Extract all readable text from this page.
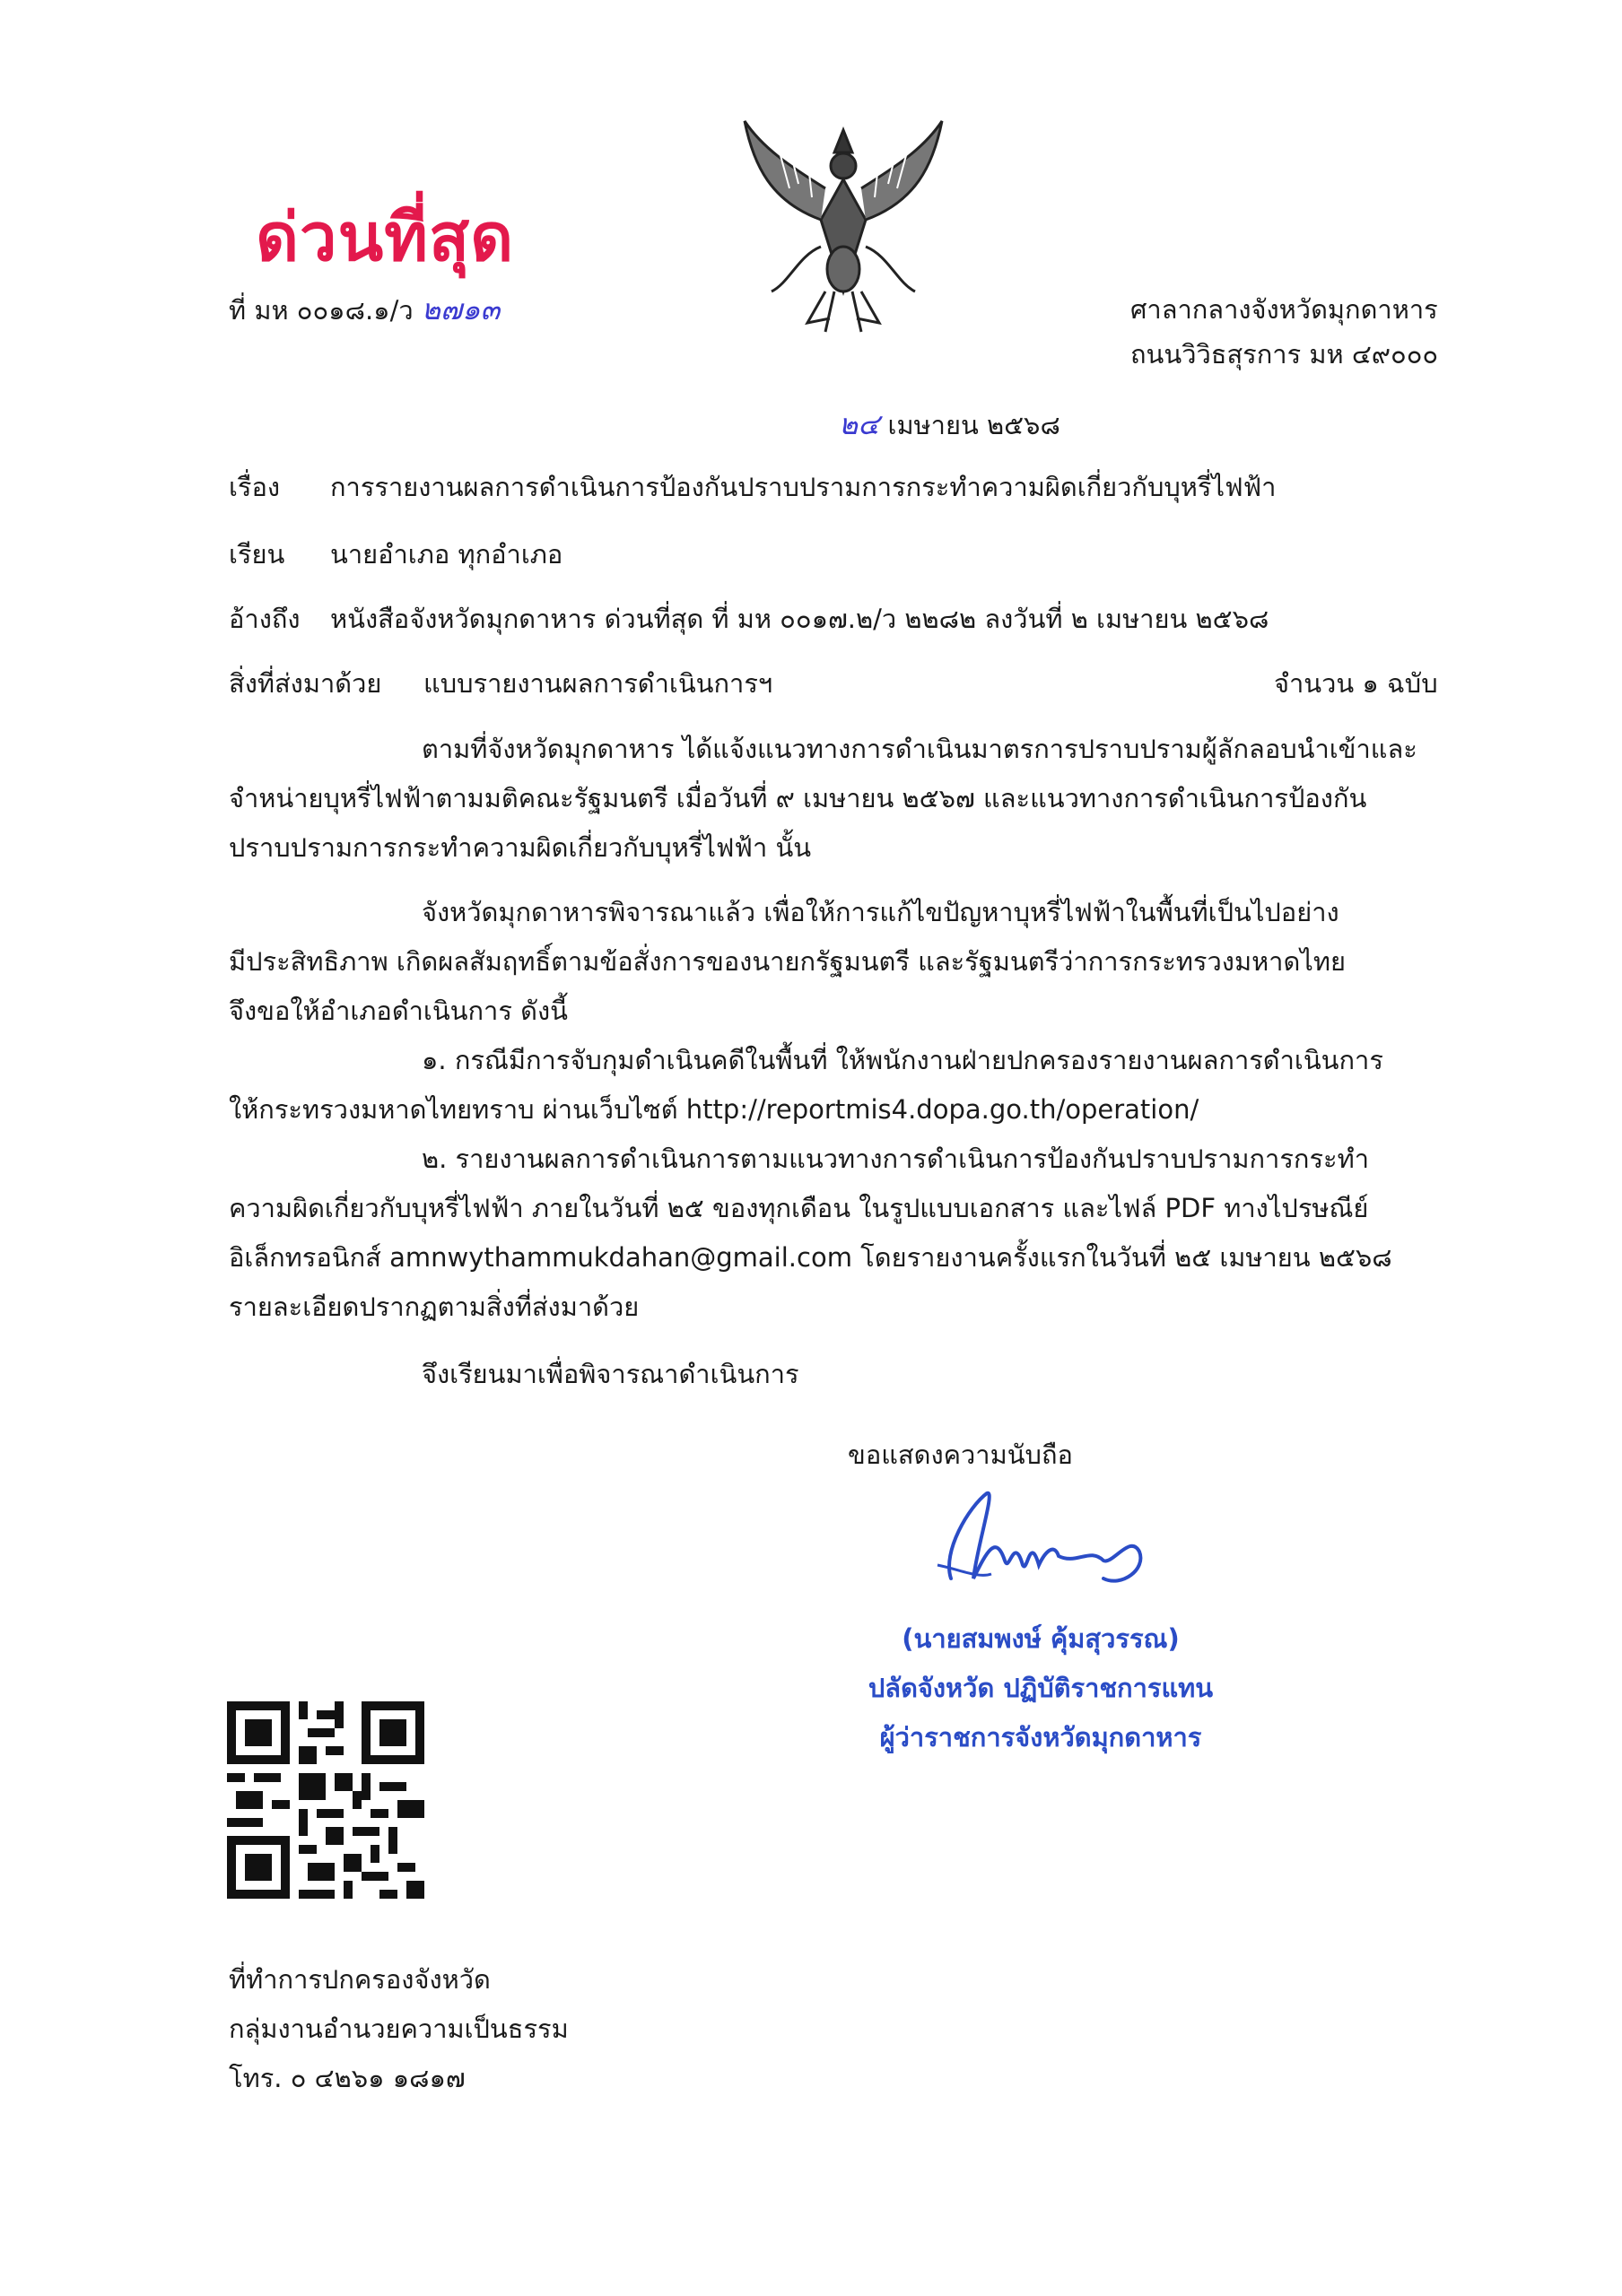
ด่วนที่สุด
ที่ มห ๐๐๑๘.๑/ว ๒๗๑๓	ศาลากลางจังหวัดมุกดาหาร
ถนนวิวิธสุรการ มห ๔๙๐๐๐
๒๔ เมษายน ๒๕๖๘
เรื่อง การรายงานผลการดำเนินการป้องกันปราบปรามการกระทำความผิดเกี่ยวกับบุหรี่ไฟฟ้า
เรียน นายอำเภอ ทุกอำเภอ
อ้างถึง หนังสือจังหวัดมุกดาหาร ด่วนที่สุด ที่ มห ๐๐๑๗.๒/ว ๒๒๘๒ ลงวันที่ ๒ เมษายน ๒๕๖๘
สิ่งที่ส่งมาด้วย แบบรายงานผลการดำเนินการฯ	จำนวน ๑ ฉบับ
ตามที่จังหวัดมุกดาหาร ได้แจ้งแนวทางการดำเนินมาตรการปราบปรามผู้ลักลอบนำเข้าและ
จำหน่ายบุหรี่ไฟฟ้าตามมติคณะรัฐมนตรี เมื่อวันที่ ๙ เมษายน ๒๕๖๗ และแนวทางการดำเนินการป้องกัน
ปราบปรามการกระทำความผิดเกี่ยวกับบุหรี่ไฟฟ้า นั้น
จังหวัดมุกดาหารพิจารณาแล้ว เพื่อให้การแก้ไขปัญหาบุหรี่ไฟฟ้าในพื้นที่เป็นไปอย่าง
มีประสิทธิภาพ เกิดผลสัมฤทธิ์ตามข้อสั่งการของนายกรัฐมนตรี และรัฐมนตรีว่าการกระทรวงมหาดไทย
จึงขอให้อำเภอดำเนินการ ดังนี้
๑. กรณีมีการจับกุมดำเนินคดีในพื้นที่ ให้พนักงานฝ่ายปกครองรายงานผลการดำเนินการ
ให้กระทรวงมหาดไทยทราบ ผ่านเว็บไซต์ http://reportmis4.dopa.go.th/operation/
๒. รายงานผลการดำเนินการตามแนวทางการดำเนินการป้องกันปราบปรามการกระทำ
ความผิดเกี่ยวกับบุหรี่ไฟฟ้า ภายในวันที่ ๒๕ ของทุกเดือน ในรูปแบบเอกสาร และไฟล์ PDF ทางไปรษณีย์
อิเล็กทรอนิกส์ amnwythammukdahan@gmail.com โดยรายงานครั้งแรกในวันที่ ๒๕ เมษายน ๒๕๖๘
รายละเอียดปรากฏตามสิ่งที่ส่งมาด้วย
จึงเรียนมาเพื่อพิจารณาดำเนินการ
ขอแสดงความนับถือ
(นายสมพงษ์ คุ้มสุวรรณ)
ปลัดจังหวัด ปฏิบัติราชการแทน
ผู้ว่าราชการจังหวัดมุกดาหาร
ที่ทำการปกครองจังหวัด
กลุ่มงานอำนวยความเป็นธรรม
โทร. ๐ ๔๒๖๑ ๑๘๑๗
